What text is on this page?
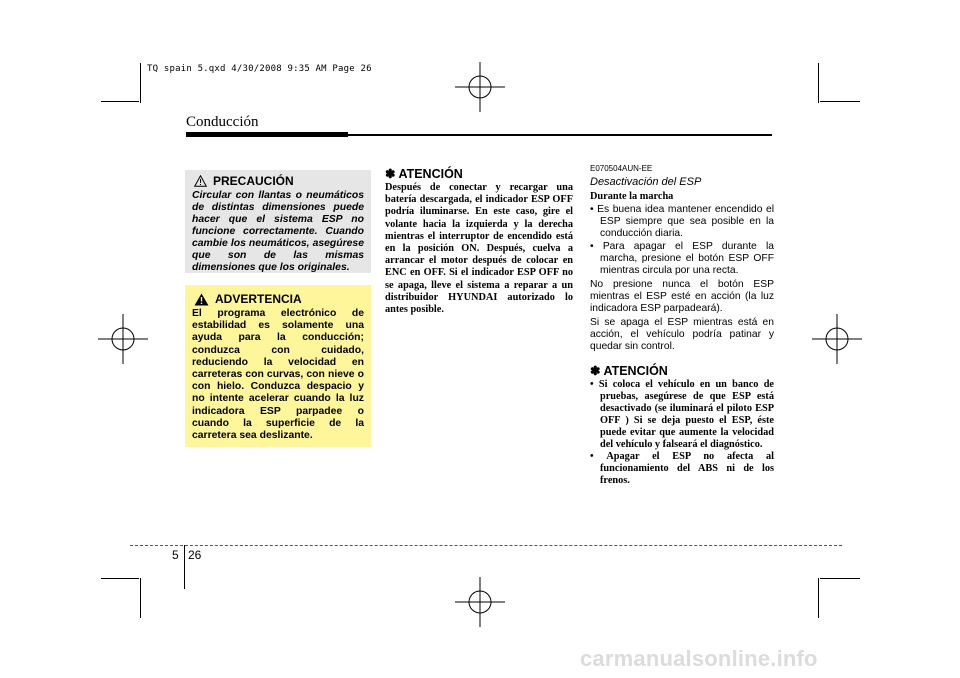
TQ spain 5.qxd 4/30/2008 9:35 AM Page 26
Conducción
PRECAUCIÓN
Circular con llantas o neumáticos de distintas dimensiones puede hacer que el sistema ESP no funcione correctamente. Cuando cambie los neumáticos, asegúrese que son de las mismas dimensiones que los originales.
ADVERTENCIA
El programa electrónico de estabilidad es solamente una ayuda para la conducción; conduzca con cuidado, reduciendo la velocidad en carreteras con curvas, con nieve o con hielo. Conduzca despacio y no intente acelerar cuando la luz indicadora ESP parpadee o cuando la superficie de la carretera sea deslizante.
✽ ATENCIÓN
Después de conectar y recargar una batería descargada, el indicador ESP OFF podría iluminarse. En este caso, gire el volante hacia la izquierda y la derecha mientras el interruptor de encendido está en la posición ON. Después, cuelva a arrancar el motor después de colocar en ENC en OFF. Si el indicador ESP OFF no se apaga, lleve el sistema a reparar a un distribuidor HYUNDAI autorizado lo antes posible.
E070504AUN-EE
Desactivación del ESP
Durante la marcha
• Es buena idea mantener encendido el ESP siempre que sea posible en la conducción diaria.
• Para apagar el ESP durante la marcha, presione el botón ESP OFF mientras circula por una recta.
No presione nunca el botón ESP mientras el ESP esté en acción (la luz indicadora ESP parpadeará).
Si se apaga el ESP mientras está en acción, el vehículo podría patinar y quedar sin control.
✽ ATENCIÓN
• Si coloca el vehículo en un banco de pruebas, asegúrese de que ESP está desactivado (se iluminará el piloto ESP OFF ) Si se deja puesto el ESP, éste puede evitar que aumente la velocidad del vehículo y falseará el diagnóstico.
• Apagar el ESP no afecta al funcionamiento del ABS ni de los frenos.
5 26
carmanualsonline.info
